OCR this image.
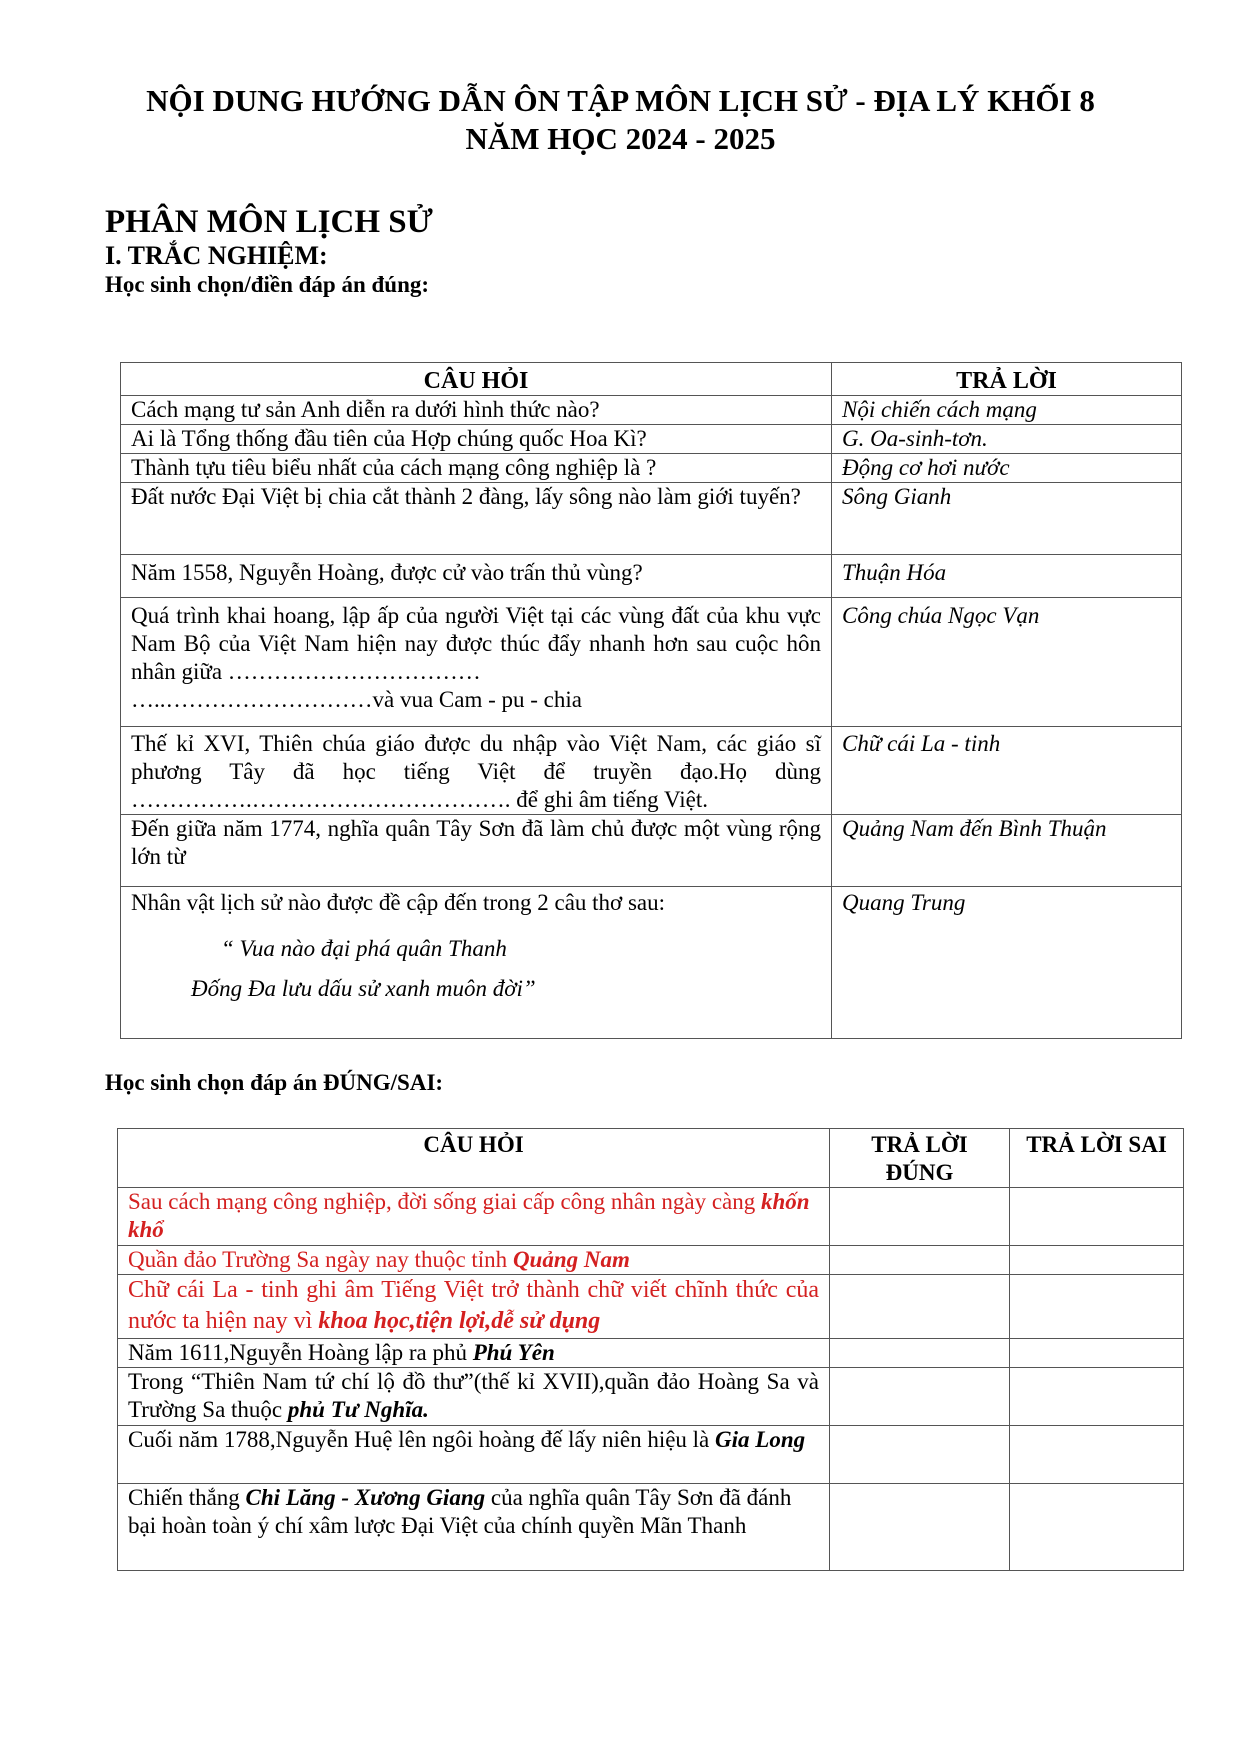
NỘI DUNG HƯỚNG DẪN ÔN TẬP MÔN LỊCH SỬ - ĐỊA LÝ KHỐI 8
NĂM HỌC 2024 - 2025
PHÂN MÔN LỊCH SỬ
I. TRẮC NGHIỆM:
Học sinh chọn/điền đáp án đúng:
CÂU HỎI	TRẢ LỜI
Cách mạng tư sản Anh diễn ra dưới hình thức nào?	Nội chiến cách mạng
Ai là Tổng thống đầu tiên của Hợp chúng quốc Hoa Kì?	G. Oa-sinh-tơn.
Thành tựu tiêu biểu nhất của cách mạng công nghiệp là ?	Động cơ hơi nước
Đất nước Đại Việt bị chia cắt thành 2 đàng, lấy sông nào làm giới tuyến?	Sông Gianh
Năm 1558, Nguyễn Hoàng, được cử vào trấn thủ vùng?	Thuận Hóa

Quá trình khai hoang, lập ấp của người Việt tại các vùng đất của khu vực Nam Bộ của Việt Nam hiện nay được thúc đẩy nhanh hơn sau cuộc hôn nhân giữa ……………………………
…..………………………và vua Cam - pu - chia	Công chúa Ngọc Vạn
Thế kỉ XVI, Thiên chúa giáo được du nhập vào Việt Nam, các giáo sĩ phương Tây đã học tiếng Việt để truyền đạo.Họ dùng …………….……………………………. để ghi âm tiếng Việt.	Chữ cái La - tinh
Đến giữa năm 1774, nghĩa quân Tây Sơn đã làm chủ được một vùng rộng lớn từ	Quảng Nam đến Bình Thuận

Nhân vật lịch sử nào được đề cập đến trong 2 câu thơ sau:
“ Vua nào đại phá quân Thanh
Đống Đa lưu dấu sử xanh muôn đời”	Quang Trung
Học sinh chọn đáp án ĐÚNG/SAI:
CÂU HỎI	TRẢ LỜI ĐÚNG	TRẢ LỜI SAI
Sau cách mạng công nghiệp, đời sống giai cấp công nhân ngày càng khốn khổ		
Quần đảo Trường Sa ngày nay thuộc tỉnh Quảng Nam		
Chữ cái La - tinh ghi âm Tiếng Việt trở thành chữ viết chĩnh thức của nước ta hiện nay vì khoa học,tiện lợi,dễ sử dụng		
Năm 1611,Nguyễn Hoàng lập ra phủ Phú Yên		
Trong “Thiên Nam tứ chí lộ đồ thư”(thế kỉ XVII),quần đảo Hoàng Sa và Trường Sa thuộc phủ Tư Nghĩa.		
Cuối năm 1788,Nguyễn Huệ lên ngôi hoàng đế lấy niên hiệu là Gia Long		
Chiến thắng Chi Lăng - Xương Giang của nghĩa quân Tây Sơn đã đánh bại hoàn toàn ý chí xâm lược Đại Việt của chính quyền Mãn Thanh		
